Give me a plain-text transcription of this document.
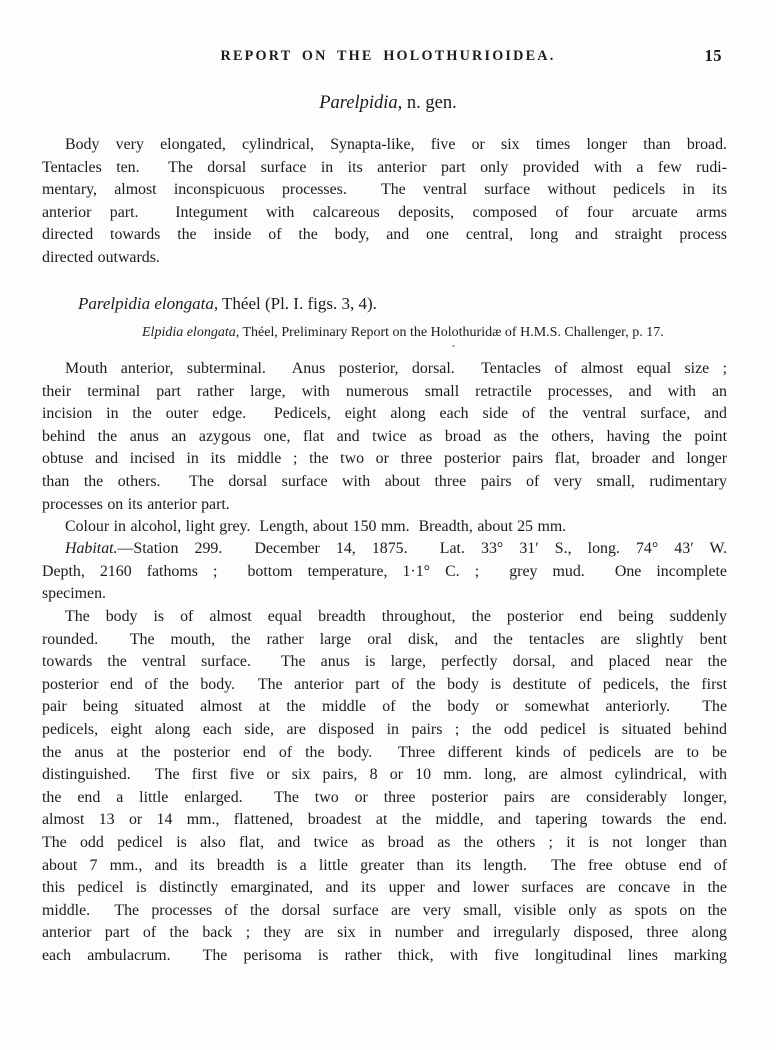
REPORT ON THE HOLOTHURIOIDEA.	15
Parelpidia, n. gen.
Body very elongated, cylindrical, Synapta-like, five or six times longer than broad.
Tentacles ten.  The dorsal surface in its anterior part only provided with a few rudi-
mentary, almost inconspicuous processes.  The ventral surface without pedicels in its
anterior part.  Integument with calcareous deposits, composed of four arcuate arms
directed towards the inside of the body, and one central, long and straight process
directed outwards.
Parelpidia elongata, Théel (Pl. I. figs. 3, 4).
Elpidia elongata, Théel, Preliminary Report on the Holothuridæ of H.M.S. Challenger, p. 17.
Mouth anterior, subterminal.  Anus posterior, dorsal.  Tentacles of almost equal size ;
their terminal part rather large, with numerous small retractile processes, and with an
incision in the outer edge.  Pedicels, eight along each side of the ventral surface, and
behind the anus an azygous one, flat and twice as broad as the others, having the point
obtuse and incised in its middle ; the two or three posterior pairs flat, broader and longer
than the others.  The dorsal surface with about three pairs of very small, rudimentary
processes on its anterior part.
Colour in alcohol, light grey.  Length, about 150 mm.  Breadth, about 25 mm.
Habitat.—Station 299.  December 14, 1875.  Lat. 33° 31′ S., long. 74° 43′ W.
Depth, 2160 fathoms ;  bottom temperature, 1·1° C. ;  grey mud.  One incomplete
specimen.
The body is of almost equal breadth throughout, the posterior end being suddenly
rounded.  The mouth, the rather large oral disk, and the tentacles are slightly bent
towards the ventral surface.  The anus is large, perfectly dorsal, and placed near the
posterior end of the body.  The anterior part of the body is destitute of pedicels, the first
pair being situated almost at the middle of the body or somewhat anteriorly.  The
pedicels, eight along each side, are disposed in pairs ; the odd pedicel is situated behind
the anus at the posterior end of the body.  Three different kinds of pedicels are to be
distinguished.  The first five or six pairs, 8 or 10 mm. long, are almost cylindrical, with
the end a little enlarged.  The two or three posterior pairs are considerably longer,
almost 13 or 14 mm., flattened, broadest at the middle, and tapering towards the end.
The odd pedicel is also flat, and twice as broad as the others ; it is not longer than
about 7 mm., and its breadth is a little greater than its length.  The free obtuse end of
this pedicel is distinctly emarginated, and its upper and lower surfaces are concave in the
middle.  The processes of the dorsal surface are very small, visible only as spots on the
anterior part of the back ; they are six in number and irregularly disposed, three along
each ambulacrum.  The perisoma is rather thick, with five longitudinal lines marking
